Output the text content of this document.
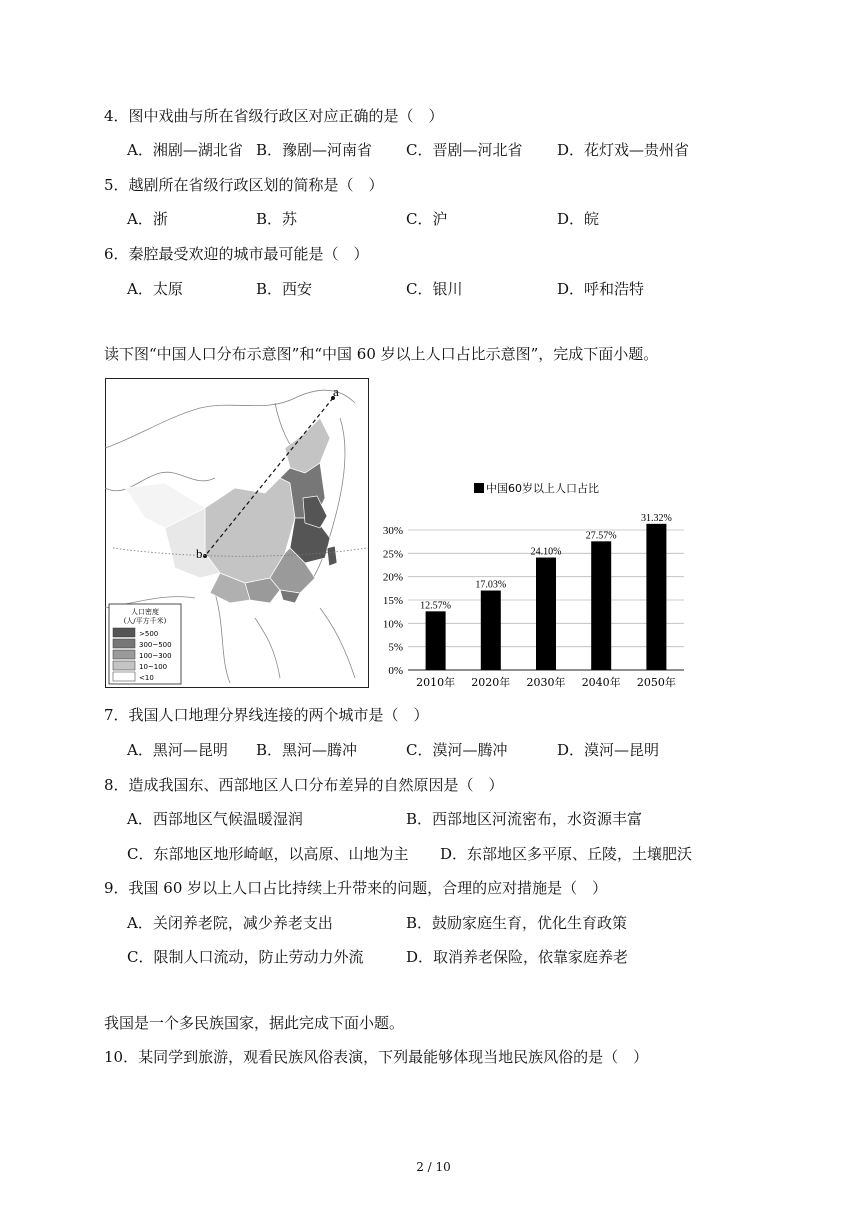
4．图中戏曲与所在省级行政区对应正确的是（　）
A．湘剧—湖北省 B．豫剧—河南省 C．晋剧—河北省 D．花灯戏—贵州省
5．越剧所在省级行政区划的简称是（　）
A．浙	B．苏	C．沪	D．皖
6．秦腔最受欢迎的城市最可能是（　）
A．太原	B．西安	C．银川	D．呼和浩特
读下图“中国人口分布示意图”和“中国 60 岁以上人口占比示意图”，完成下面小题。
a
b
人口密度
(人/平方千米)
>500
300~500
100~300
10~100
<10
中国60岁以上人口占比
0%
5%
10%
15%
20%
25%
30%
12.57%
17.03%
24.10%
27.57%
31.32%
2010年 2020年 2030年 2040年 2050年
7．我国人口地理分界线连接的两个城市是（　）
A．黑河—昆明 B．黑河—腾冲	C．漠河—腾冲	D．漠河—昆明
8．造成我国东、西部地区人口分布差异的自然原因是（　）
A．西部地区气候温暖湿润	B．西部地区河流密布，水资源丰富
C．东部地区地形崎岖，以高原、山地为主 D．东部地区多平原、丘陵，土壤肥沃
9．我国 60 岁以上人口占比持续上升带来的问题，合理的应对措施是（　）
A．关闭养老院，减少养老支出	B．鼓励家庭生育，优化生育政策
C．限制人口流动，防止劳动力外流	D．取消养老保险，依靠家庭养老
我国是一个多民族国家，据此完成下面小题。
10．某同学到旅游，观看民族风俗表演，下列最能够体现当地民族风俗的是（　）
2 / 10
